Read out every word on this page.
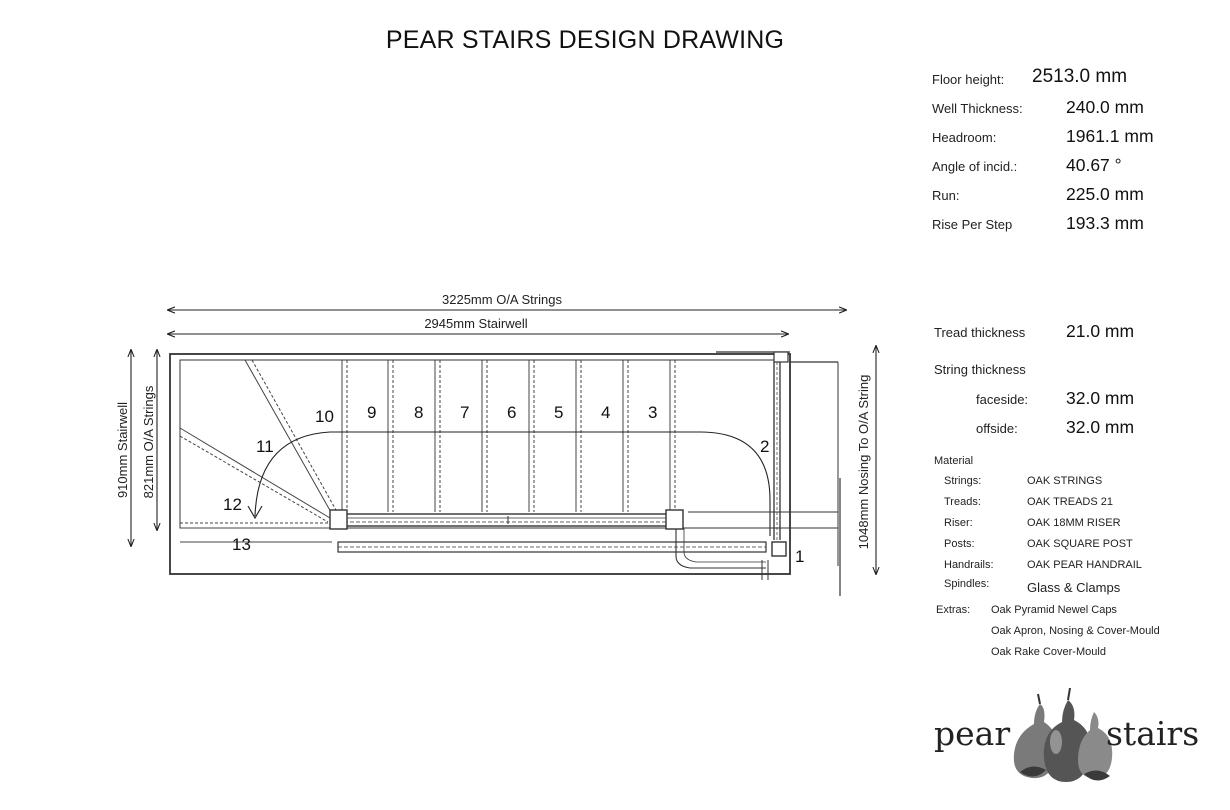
PEAR STAIRS DESIGN DRAWING
3225mm O/A Strings
2945mm Stairwell
910mm Stairwell 821mm O/A Strings	1048mm Nosing To O/A String
1
2
3
4
5
6
7
8
9
10
11
12
13
Floor height: 2513.0 mm
Well Thickness: 240.0 mm
Headroom:	1961.1 mm
Angle of incid.:	40.67 °
Run:	225.0 mm
Rise Per Step	193.3 mm
Tread thickness 21.0 mm
String thickness
faceside: 32.0 mm
offside:	32.0 mm
Material
Strings:	OAK STRINGS
Treads:	OAK TREADS 21
Riser:	OAK 18MM RISER
Posts:	OAK SQUARE POST
Handrails:	OAK PEAR HANDRAIL
Spindles:	Glass & Clamps
Extras: Oak Pyramid Newel Caps
Oak Apron, Nosing & Cover-Mould
Oak Rake Cover-Mould
pear	stairs
